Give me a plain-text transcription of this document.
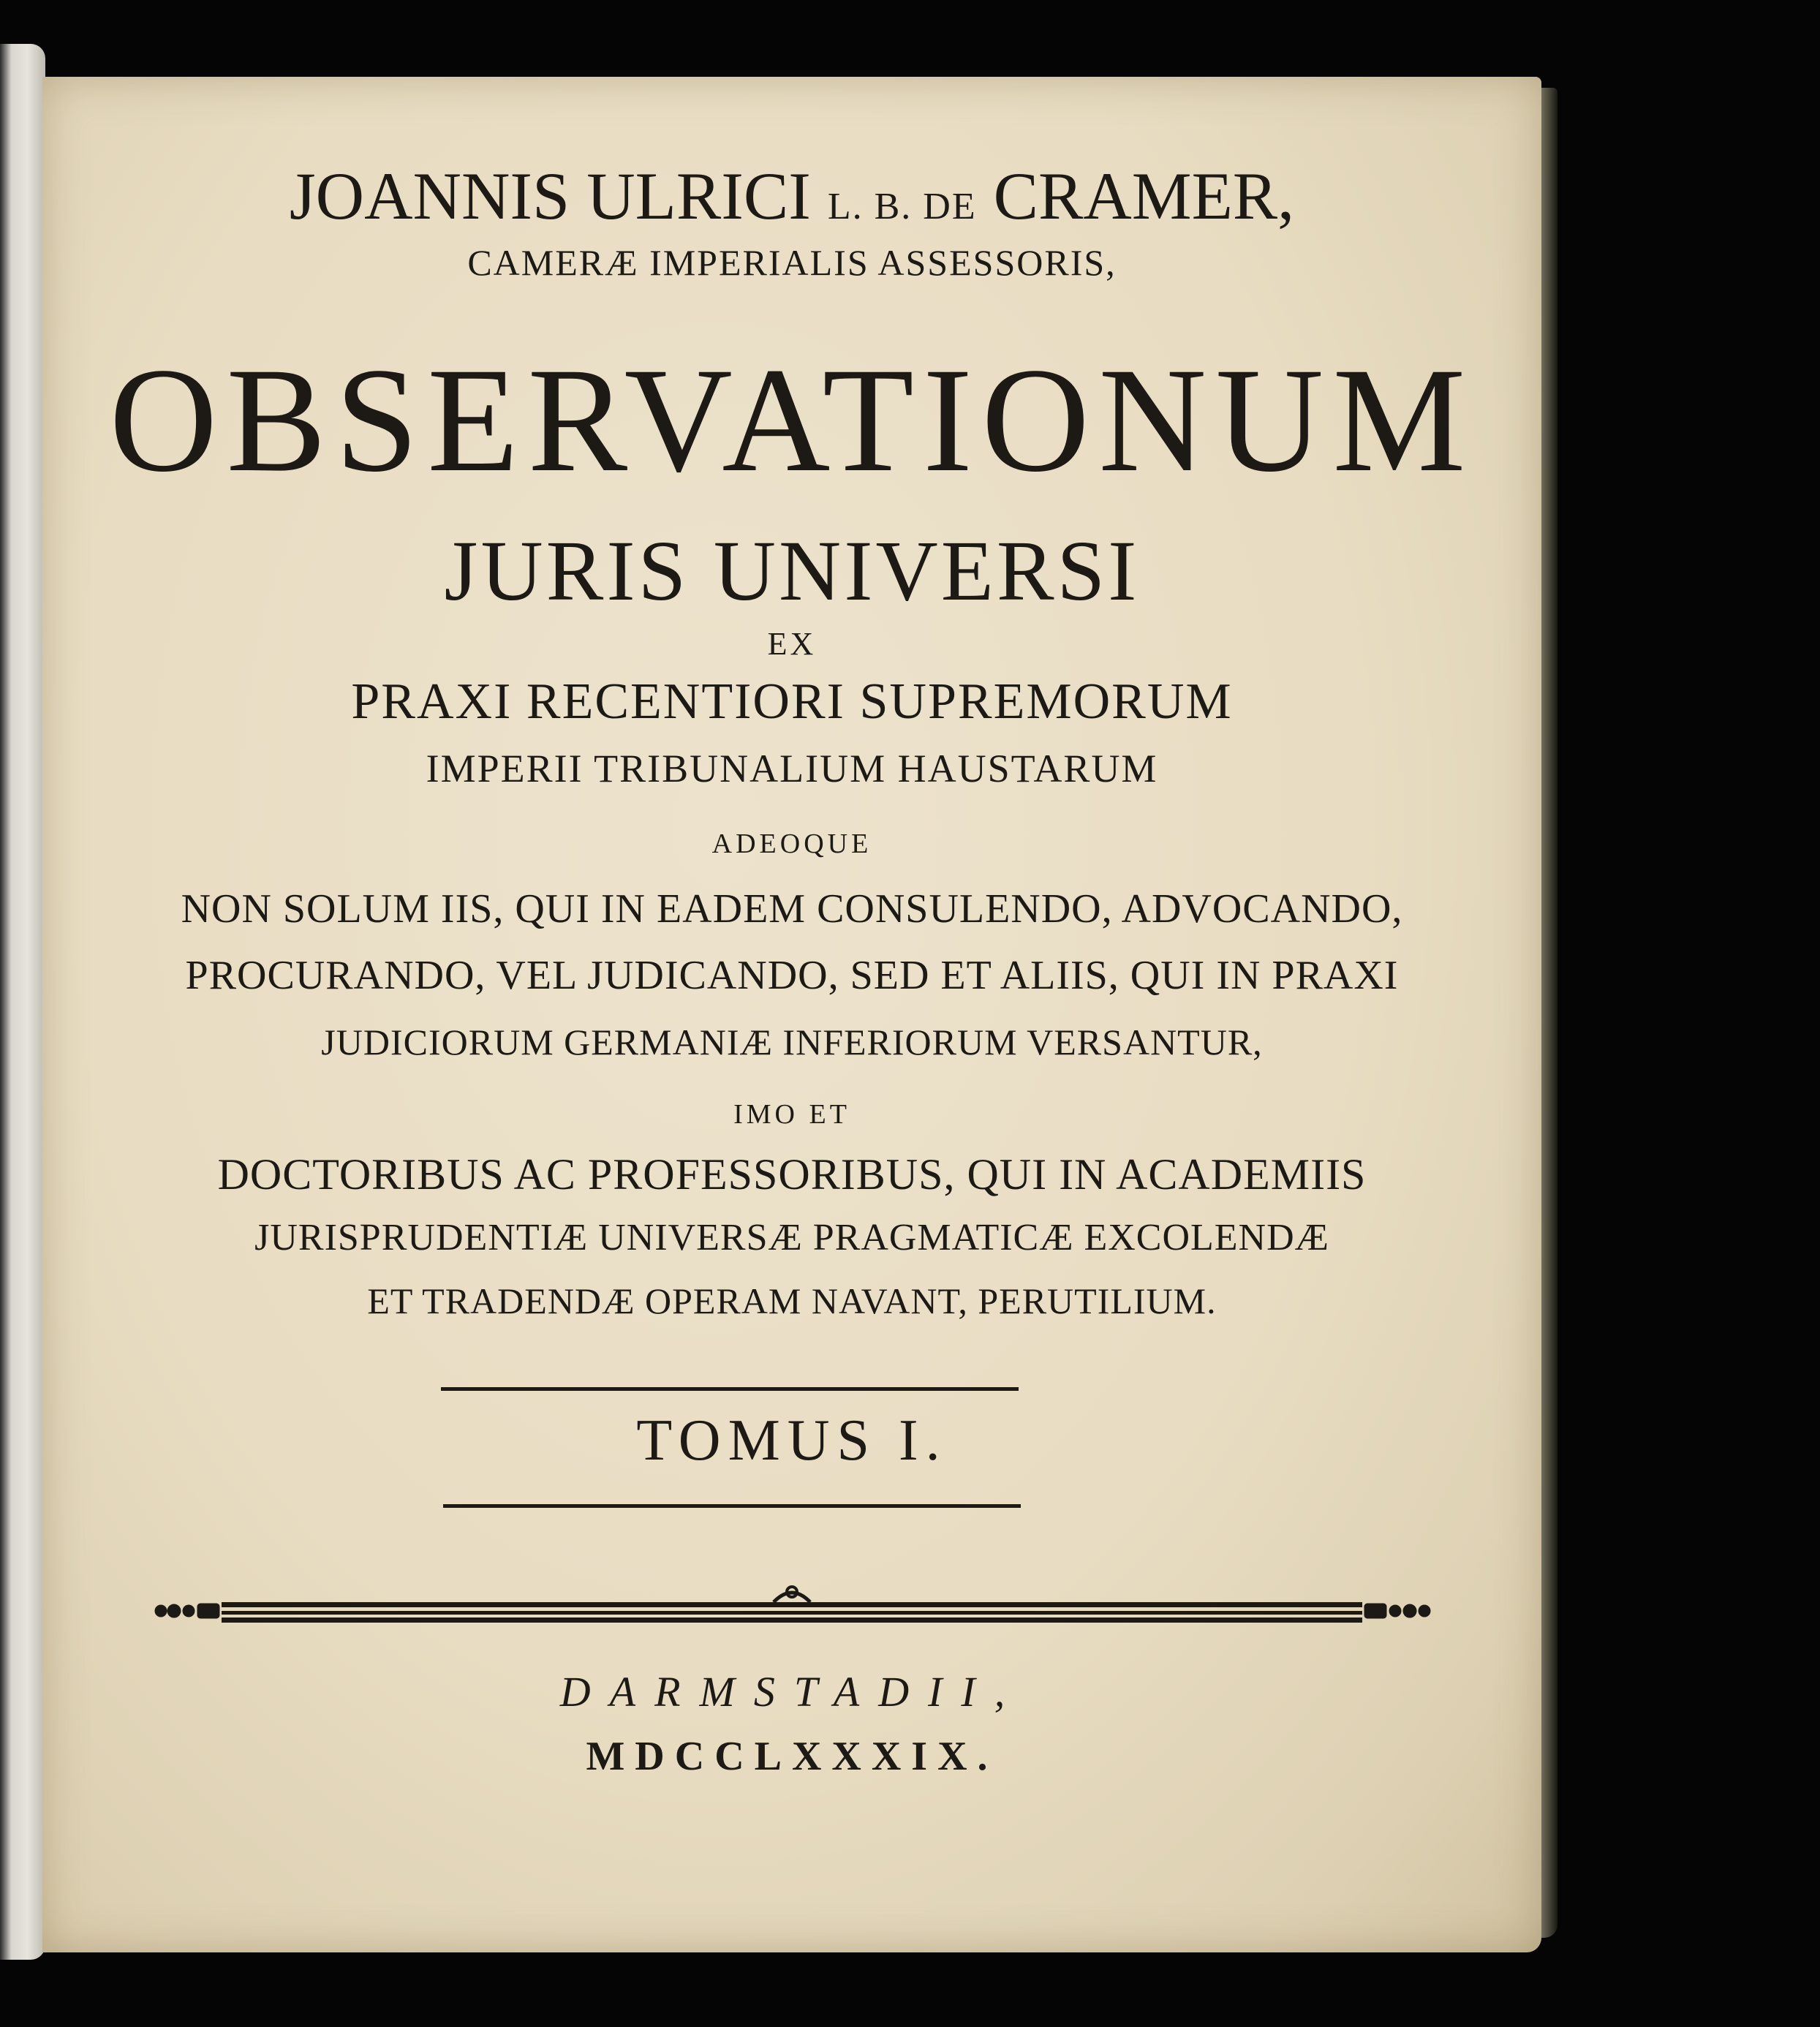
JOANNIS ULRICI L. B. DE CRAMER,
CAMERÆ IMPERIALIS ASSESSORIS,
OBSERVATIONUM
JURIS UNIVERSI
EX
PRAXI RECENTIORI SUPREMORUM
IMPERII TRIBUNALIUM HAUSTARUM
ADEOQUE
NON SOLUM IIS, QUI IN EADEM CONSULENDO, ADVOCANDO,
PROCURANDO, VEL JUDICANDO, SED ET ALIIS, QUI IN PRAXI
JUDICIORUM GERMANIÆ INFERIORUM VERSANTUR,
IMO ET
DOCTORIBUS AC PROFESSORIBUS, QUI IN ACADEMIIS
JURISPRUDENTIÆ UNIVERSÆ PRAGMATICÆ EXCOLENDÆ
ET TRADENDÆ OPERAM NAVANT, PERUTILIUM.
TOMUS I.
DARMSTADII,
MDCCLXXXIX.
